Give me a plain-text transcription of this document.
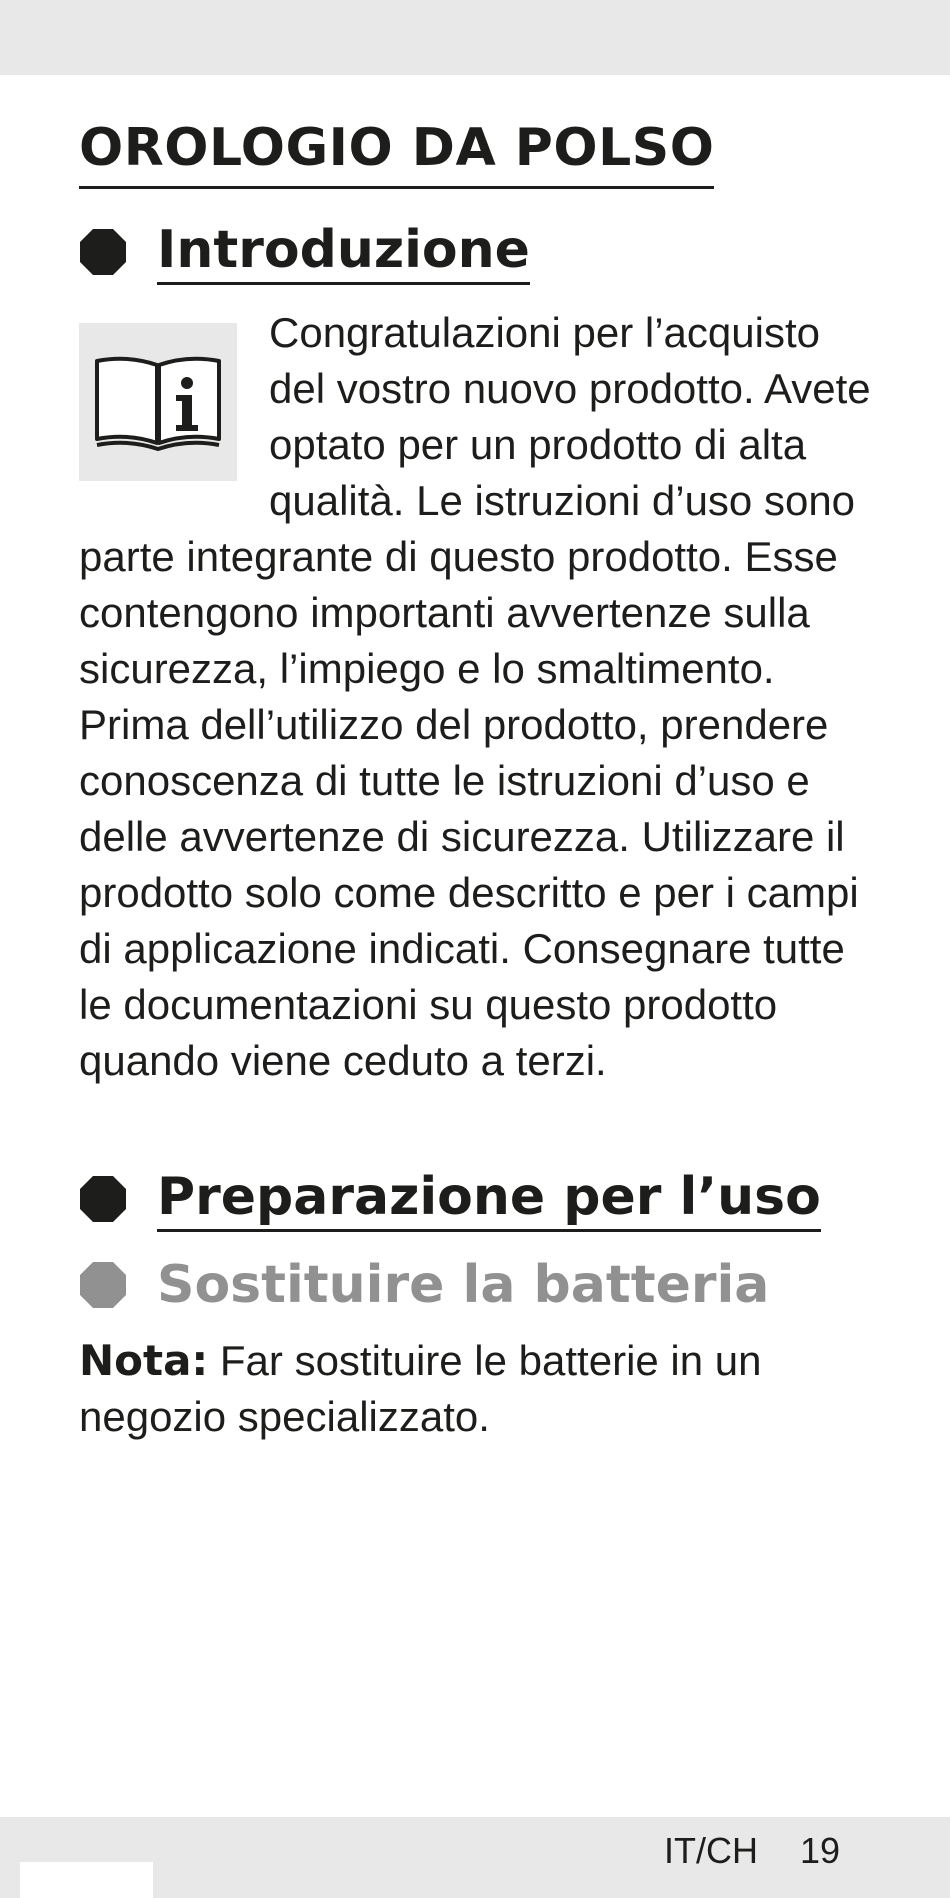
OROLOGIO DA POLSO
Introduzione
Congratulazioni per l’acquisto del vostro nuovo prodotto. Avete optato per un prodotto di alta qualità. Le istruzioni d’uso sono parte integrante di questo prodotto. Esse contengono importanti avvertenze sulla sicurezza, l’impiego e lo smaltimento. Prima dell’utilizzo del prodotto, prendere conoscenza di tutte le istruzioni d’uso e delle avvertenze di sicurezza. Utilizzare il prodotto solo come descritto e per i campi di applicazione indicati. Consegnare tutte le documentazioni su questo prodotto quando viene ceduto a terzi.
Preparazione per l’uso
Sostituire la batteria

Nota: Far sostituire le batterie in un negozio specializzato.

IT/CH 19
